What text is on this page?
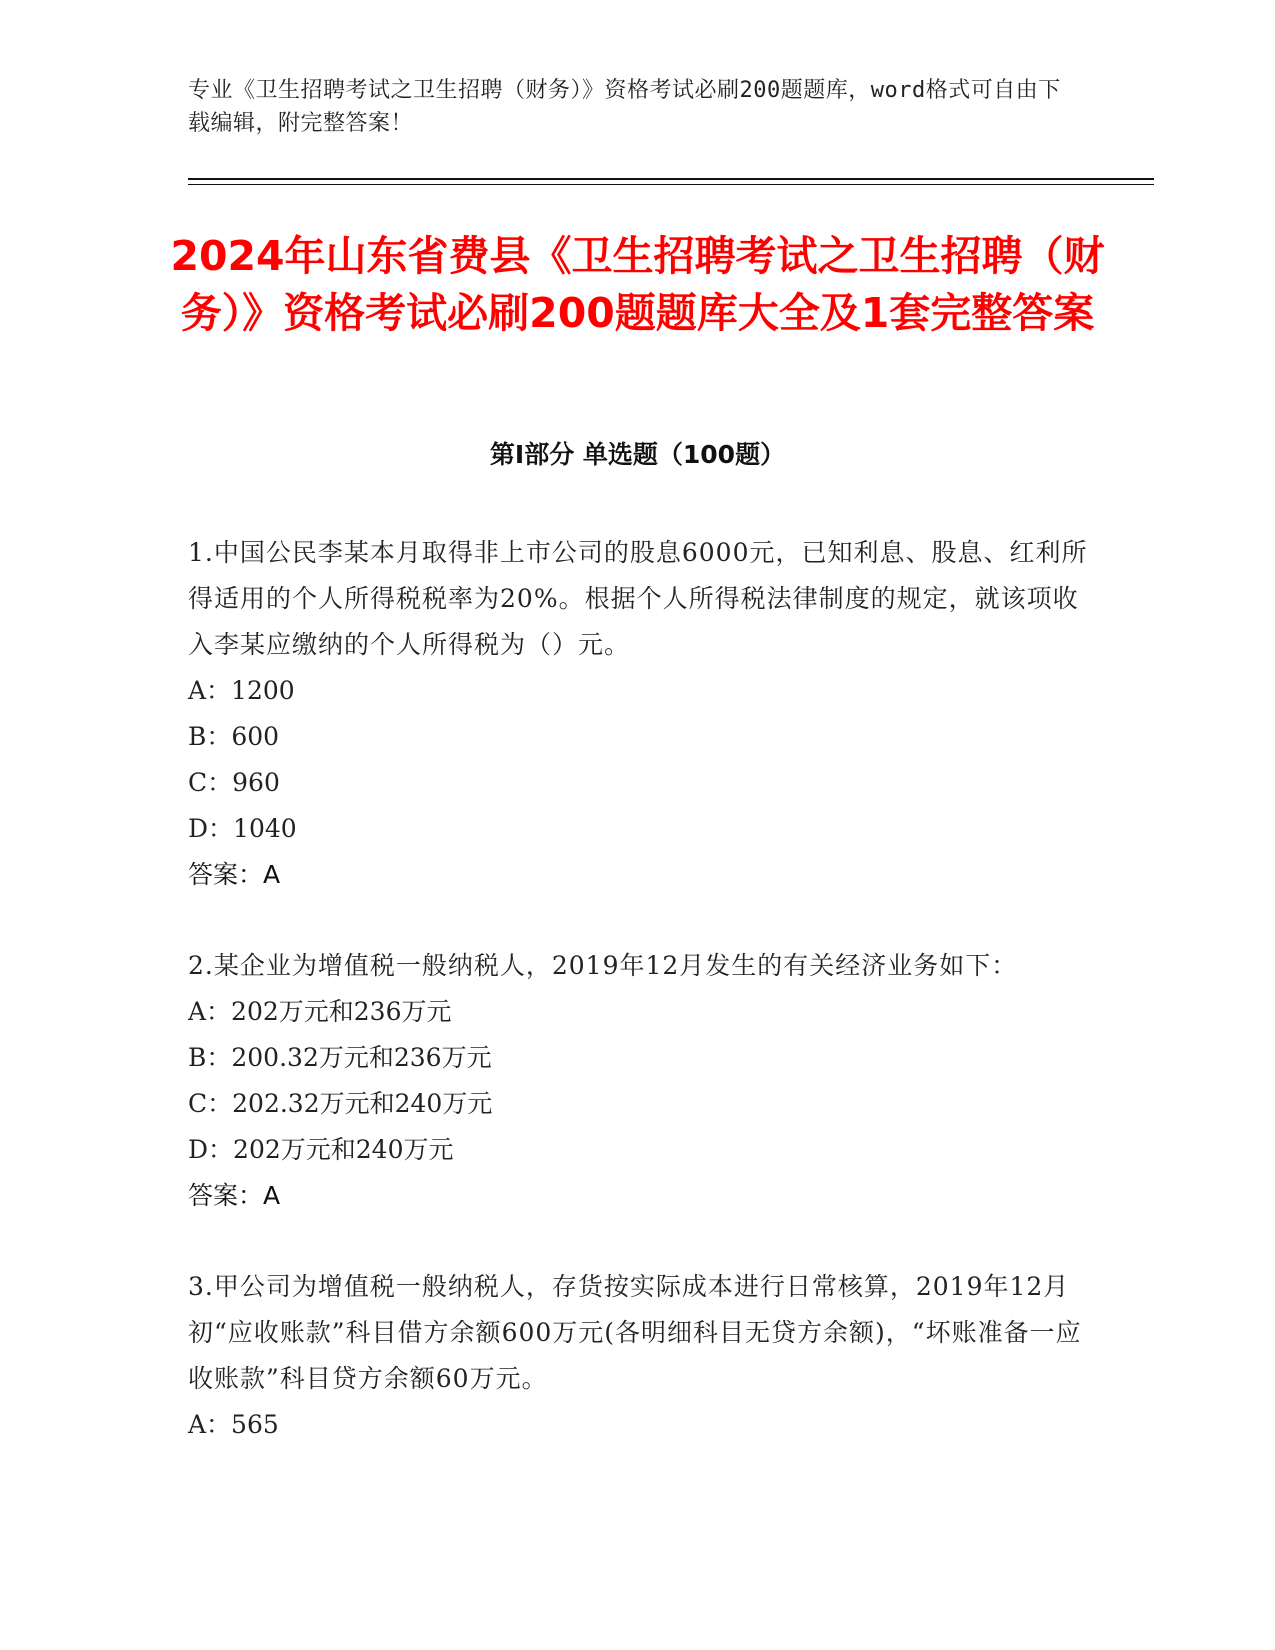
专业《卫生招聘考试之卫生招聘（财务）》资格考试必刷200题题库，word格式可自由下载编辑，附完整答案！
2024年山东省费县《卫生招聘考试之卫生招聘（财务）》资格考试必刷200题题库大全及1套完整答案
第I部分 单选题（100题）

1.中国公民李某本月取得非上市公司的股息6000元，已知利息、股息、红利所得适用的个人所得税税率为20%。根据个人所得税法律制度的规定，就该项收入李某应缴纳的个人所得税为（）元。

A：1200

B：600

C：960

D：1040

答案：A

2.某企业为增值税一般纳税人，2019年12月发生的有关经济业务如下：

A：202万元和236万元

B：200.32万元和236万元

C：202.32万元和240万元

D：202万元和240万元

答案：A

3.甲公司为增值税一般纳税人，存货按实际成本进行日常核算，2019年12月初“应收账款”科目借方余额600万元(各明细科目无贷方余额)，“坏账准备一应收账款”科目贷方余额60万元。

A：565
